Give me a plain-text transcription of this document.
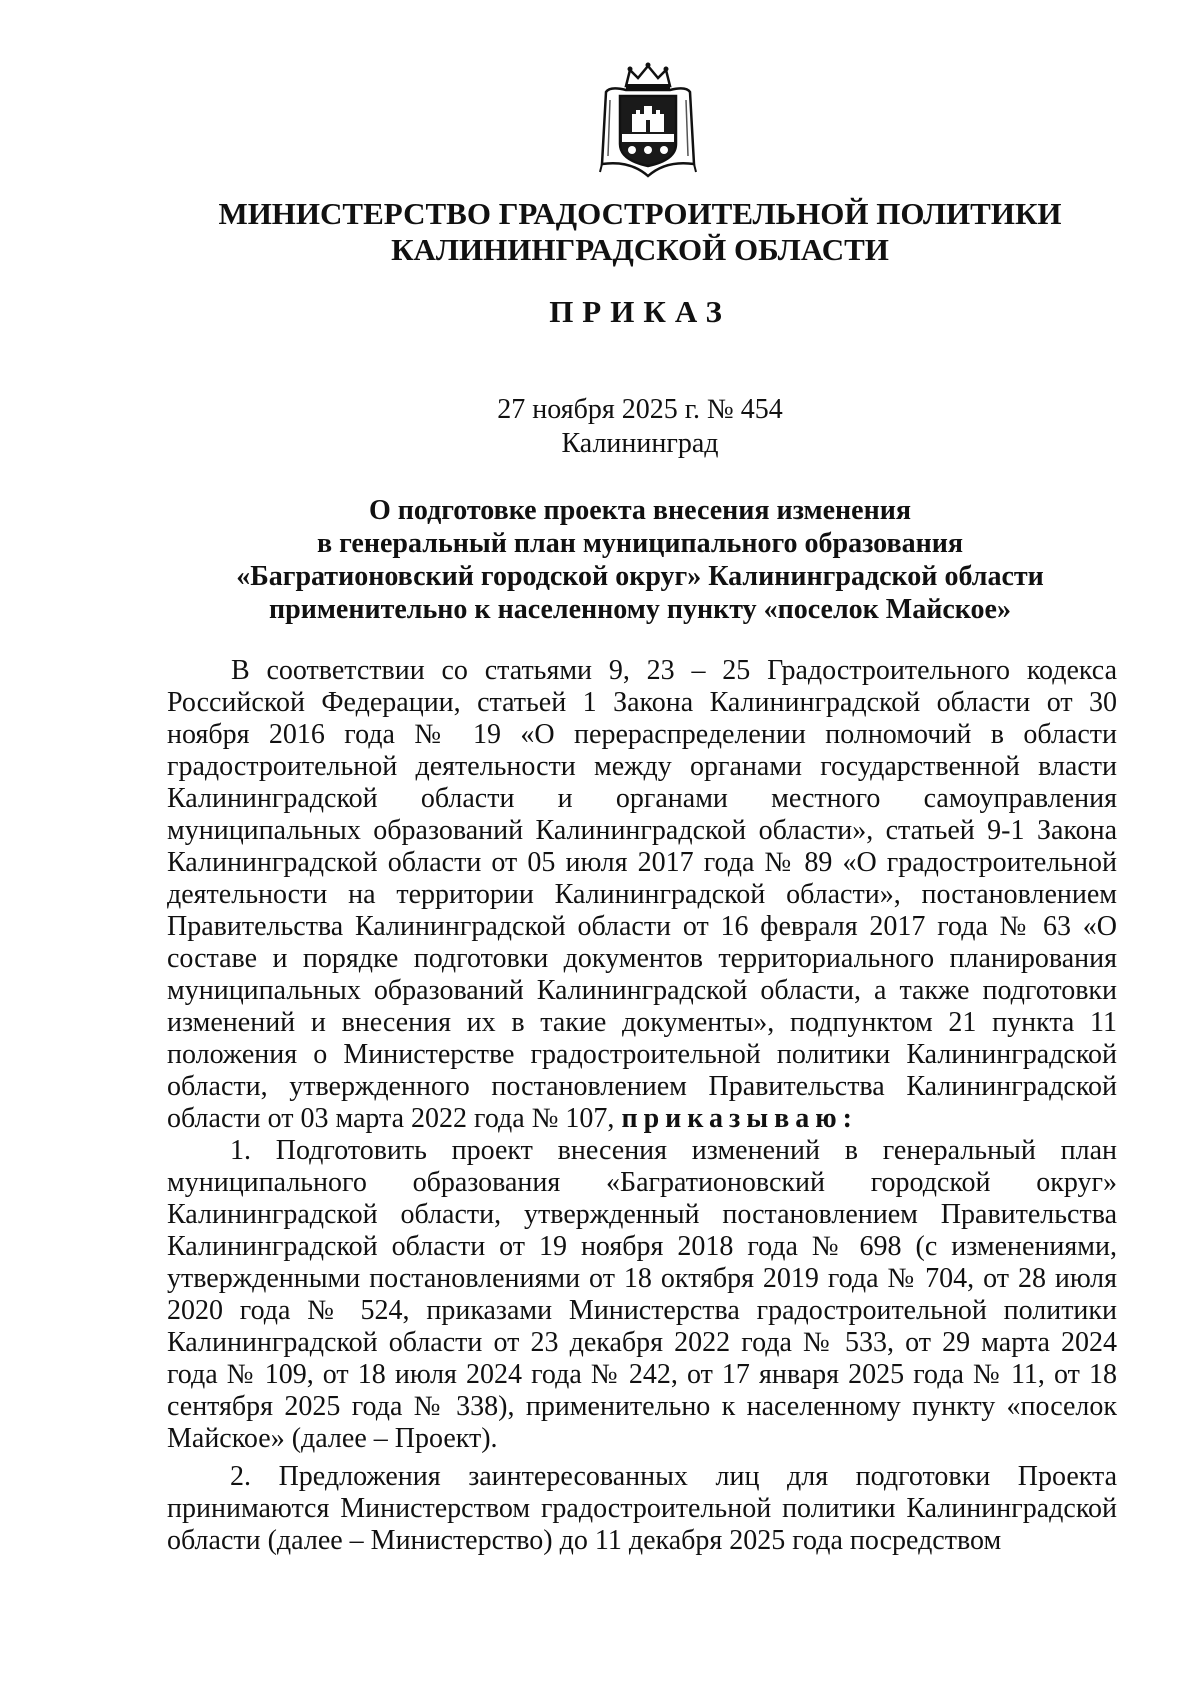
МИНИСТЕРСТВО ГРАДОСТРОИТЕЛЬНОЙ ПОЛИТИКИ
КАЛИНИНГРАДСКОЙ ОБЛАСТИ
ПРИКАЗ
27 ноября 2025 г. № 454
Калининград
О подготовке проекта внесения изменения
в генеральный план муниципального образования
«Багратионовский городской округ» Калининградской области
применительно к населенному пункту «поселок Майское»

В соответствии со статьями 9, 23 – 25 Градостроительного кодекса Российской Федерации, статьей 1 Закона Калининградской области от 30 ноября 2016 года № 19 «О перераспределении полномочий в области градостроительной деятельности между органами государственной власти Калининградской области и органами местного самоуправления муниципальных образований Калининградской области», статьей 9-1 Закона Калининградской области от 05 июля 2017 года № 89 «О градостроительной деятельности на территории Калининградской области», постановлением Правительства Калининградской области от 16 февраля 2017 года № 63 «О составе и порядке подготовки документов территориального планирования муниципальных образований Калининградской области, а также подготовки изменений и внесения их в такие документы», подпунктом 21 пункта 11 положения о Министерстве градостроительной политики Калининградской области, утвержденного постановлением Правительства Калининградской области от 03 марта 2022 года № 107, приказываю:

1. Подготовить проект внесения изменений в генеральный план муниципального образования «Багратионовский городской округ» Калининградской области, утвержденный постановлением Правительства Калининградской области от 19 ноября 2018 года № 698 (с изменениями, утвержденными постановлениями от 18 октября 2019 года № 704, от 28 июля 2020 года № 524, приказами Министерства градостроительной политики Калининградской области от 23 декабря 2022 года № 533, от 29 марта 2024 года № 109, от 18 июля 2024 года № 242, от 17 января 2025 года № 11, от 18 сентября 2025 года № 338), применительно к населенному пункту «поселок Майское» (далее – Проект).

2. Предложения заинтересованных лиц для подготовки Проекта принимаются Министерством градостроительной политики Калининградской области (далее – Министерство) до 11 декабря 2025 года посредством
